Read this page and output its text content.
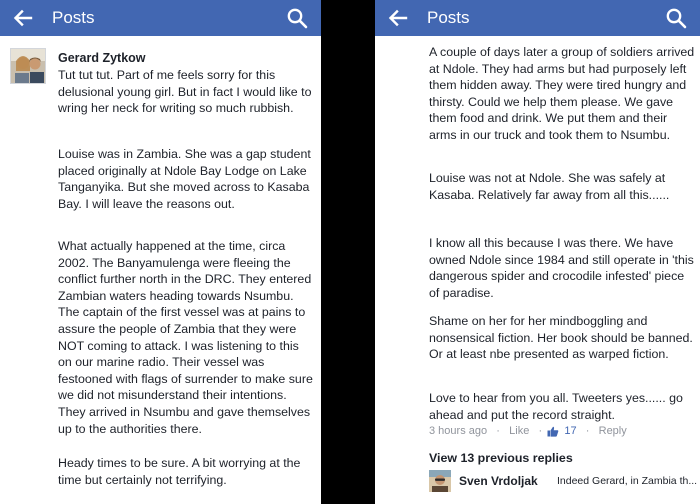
Posts
Gerard Zytkow

Tut tut tut. Part of me feels sorry for this delusional young girl. But in fact I would like to wring her neck for writing so much rubbish.

Louise was in Zambia. She was a gap student placed originally at Ndole Bay Lodge on Lake Tanganyika. But she moved across to Kasaba Bay. I will leave the reasons out.

What actually happened at the time, circa 2002. The Banyamulenga were fleeing the conflict further north in the DRC. They entered Zambian waters heading towards Nsumbu. The captain of the first vessel was at pains to assure the people of Zambia that they were NOT coming to attack. I was listening to this on our marine radio. Their vessel was festooned with flags of surrender to make sure we did not misunderstand their intentions. They arrived in Nsumbu and gave themselves up to the authorities there.

Heady times to be sure. A bit worrying at the time but certainly not terrifying.

Posts

A couple of days later a group of soldiers arrived at Ndole. They had arms but had purposely left them hidden away. They were tired hungry and thirsty. Could we help them please. We gave them food and drink. We put them and their arms in our truck and took them to Nsumbu.

Louise was not at Ndole. She was safely at Kasaba. Relatively far away from all this......

I know all this because I was there. We have owned Ndole since 1984 and still operate in 'this dangerous spider and crocodile infested' piece of paradise.

Shame on her for her mindboggling and nonsensical fiction. Her book should be banned. Or at least nbe presented as warped fiction.

Love to hear from you all. Tweeters yes...... go ahead and put the record straight.

3 hours ago · Like · 17 · Reply
View 13 previous replies
Sven Vrdoljak Indeed Gerard, in Zambia th...
